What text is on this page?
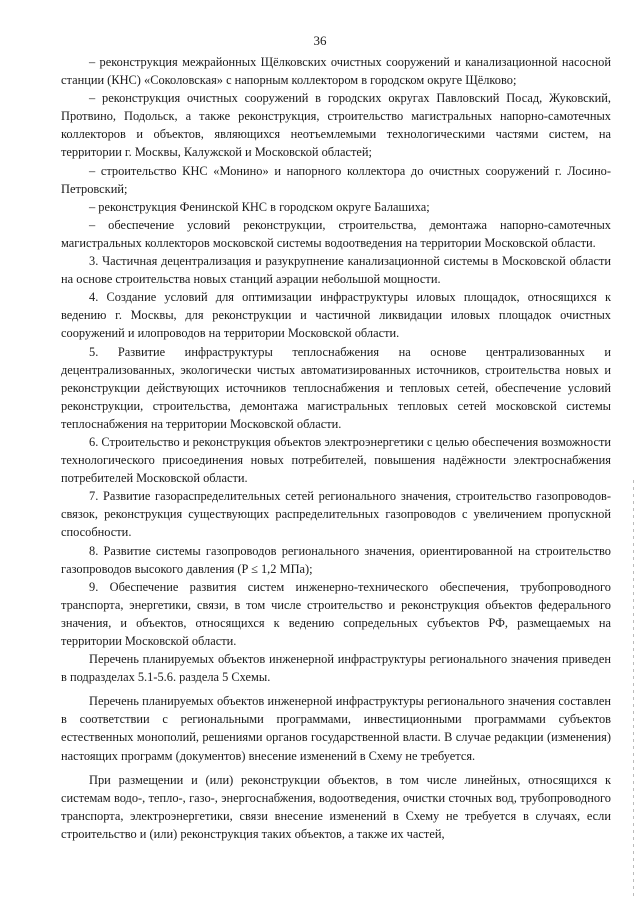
36

– реконструкция межрайонных Щёлковских очистных сооружений и канализационной насосной станции (КНС) «Соколовская» с напорным коллектором в городском округе Щёлково;

– реконструкция очистных сооружений в городских округах Павловский Посад, Жуковский, Протвино, Подольск, а также реконструкция, строительство магистральных напорно-самотечных коллекторов и объектов, являющихся неотъемлемыми технологическими частями систем, на территории г. Москвы, Калужской и Московской областей;

– строительство КНС «Монино» и напорного коллектора до очистных сооружений г. Лосино-Петровский;

– реконструкция Фенинской КНС в городском округе Балашиха;

– обеспечение условий реконструкции, строительства, демонтажа напорно-самотечных магистральных коллекторов московской системы водоотведения на территории Московской области.

3. Частичная децентрализация и разукрупнение канализационной системы в Московской области на основе строительства новых станций аэрации небольшой мощности.

4. Создание условий для оптимизации инфраструктуры иловых площадок, относящихся к ведению г. Москвы, для реконструкции и частичной ликвидации иловых площадок очистных сооружений и илопроводов на территории Московской области.

5. Развитие инфраструктуры теплоснабжения на основе централизованных и децентрализованных, экологически чистых автоматизированных источников, строительства новых и реконструкции действующих источников теплоснабжения и тепловых сетей, обеспечение условий реконструкции, строительства, демонтажа магистральных тепловых сетей московской системы теплоснабжения на территории Московской области.

6. Строительство и реконструкция объектов электроэнергетики с целью обеспечения возможности технологического присоединения новых потребителей, повышения надёжности электроснабжения потребителей Московской области.

7. Развитие газораспределительных сетей регионального значения, строительство газопроводов-связок, реконструкция существующих распределительных газопроводов с увеличением пропускной способности.

8. Развитие системы газопроводов регионального значения, ориентированной на строительство газопроводов высокого давления (P ≤ 1,2 МПа);

9. Обеспечение развития систем инженерно-технического обеспечения, трубопроводного транспорта, энергетики, связи, в том числе строительство и реконструкция объектов федерального значения, и объектов, относящихся к ведению сопредельных субъектов РФ, размещаемых на территории Московской области.

Перечень планируемых объектов инженерной инфраструктуры регионального значения приведен в подразделах 5.1-5.6. раздела 5 Схемы.

Перечень планируемых объектов инженерной инфраструктуры регионального значения составлен в соответствии с региональными программами, инвестиционными программами субъектов естественных монополий, решениями органов государственной власти. В случае редакции (изменения) настоящих программ (документов) внесение изменений в Схему не требуется.

При размещении и (или) реконструкции объектов, в том числе линейных, относящихся к системам водо-, тепло-, газо-, энергоснабжения, водоотведения, очистки сточных вод, трубопроводного транспорта, электроэнергетики, связи внесение изменений в Схему не требуется в случаях, если строительство и (или) реконструкция таких объектов, а также их частей,
